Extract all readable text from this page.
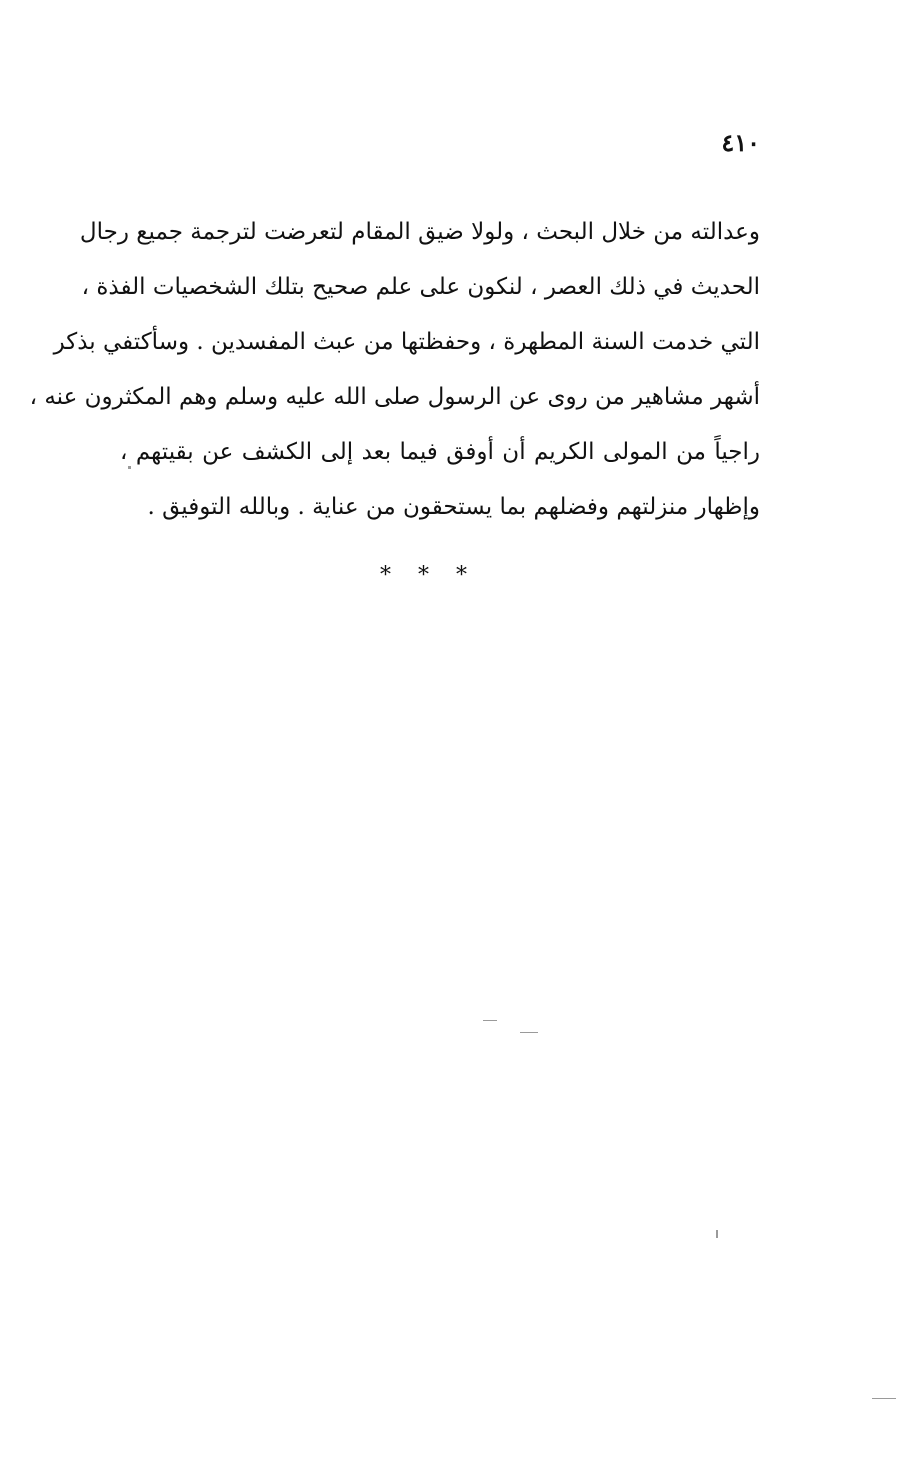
٤١٠
وعدالته من خلال البحث ، ولولا ضيق المقام لتعرضت لترجمة جميع رجال
الحديث في ذلك العصر ، لنكون على علم صحيح بتلك الشخصيات الفذة ،
التي خدمت السنة المطهرة ، وحفظتها من عبث المفسدين . وسأكتفي بذكر
أشهر مشاهير من روى عن الرسول صلى الله عليه وسلم وهم المكثرون عنه ،
راجياً من المولى الكريم أن أوفق فيما بعد إلى الكشف عن بقيتهم ،
وإظهار منزلتهم وفضلهم بما يستحقون من عناية . وبالله التوفيق .
* * *
